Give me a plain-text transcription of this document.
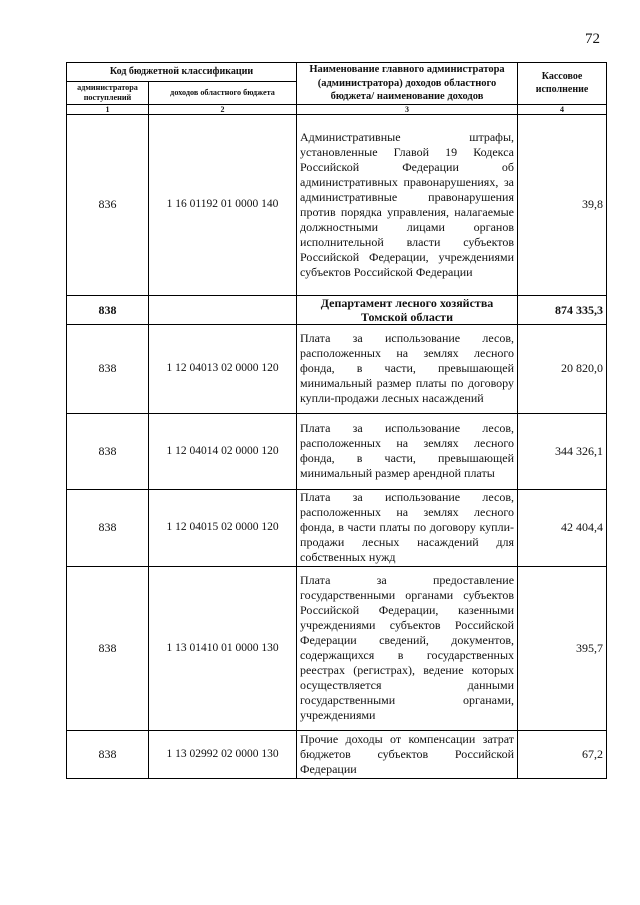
72
Код бюджетной классификации		Наименование главного администратора (администратора) доходов областного бюджета/ наименование доходов	Кассовое исполнение
администратора поступлений	доходов областного бюджета		
1	2	3	4
836	1 16 01192 01 0000 140	Административные штрафы, установленные Главой 19 Кодекса Российской Федерации об административных правонарушениях, за административные правонарушения против порядка управления, налагаемые должностными лицами органов исполнительной власти субъектов Российской Федерации, учреждениями субъектов Российской Федерации	39,8
838		Департамент лесного хозяйства Томской области	874 335,3
838	1 12 04013 02 0000 120	Плата за использование лесов, расположенных на землях лесного фонда, в части, превышающей минимальный размер платы по договору купли-продажи лесных насаждений	20 820,0
838	1 12 04014 02 0000 120	Плата за использование лесов, расположенных на землях лесного фонда, в части, превышающей минимальный размер арендной платы	344 326,1
838	1 12 04015 02 0000 120	Плата за использование лесов, расположенных на землях лесного фонда, в части платы по договору купли-продажи лесных насаждений для собственных нужд	42 404,4
838	1 13 01410 01 0000 130	Плата за предоставление государственными органами субъектов Российской Федерации, казенными учреждениями субъектов Российской Федерации сведений, документов, содержащихся в государственных реестрах (регистрах), ведение которых осуществляется данными государственными органами, учреждениями	395,7
838	1 13 02992 02 0000 130	Прочие доходы от компенсации затрат бюджетов субъектов Российской Федерации	67,2
